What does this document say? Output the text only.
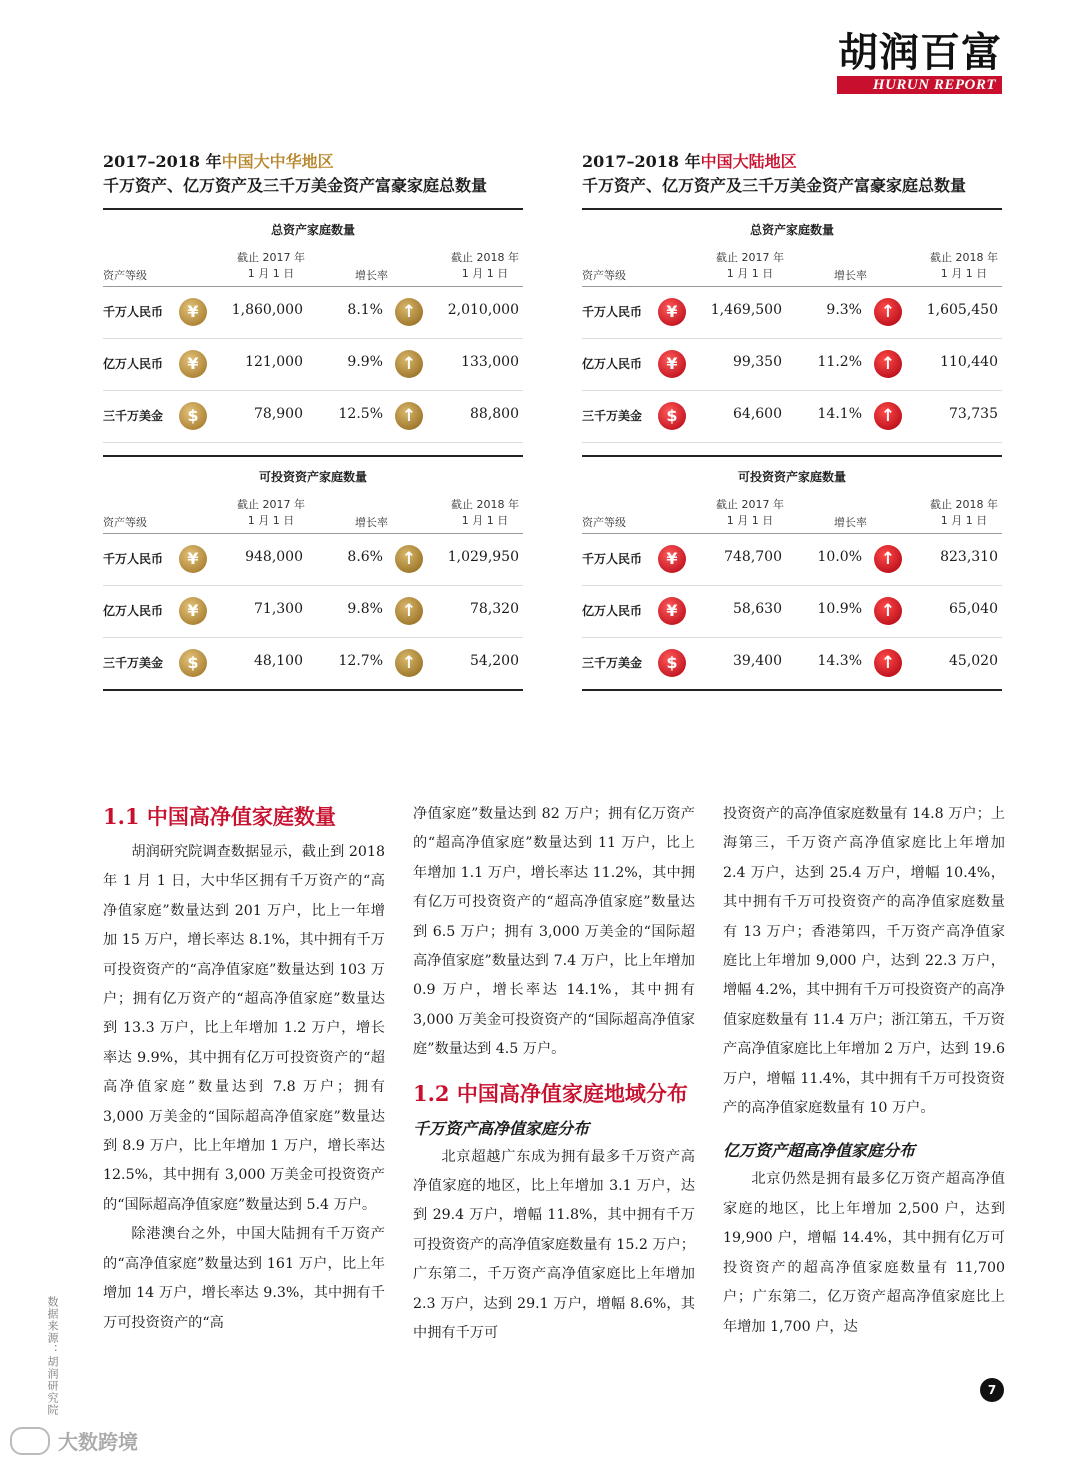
胡润百富
HURUN REPORT
2017–2018 年中国大中华地区
千万资产、亿万资产及三千万美金资产富豪家庭总数量
总资产家庭数量
资产等级
截止 2017 年
1 月 1 日	增长率
截止 2018 年
1 月 1 日
千万人民币	¥	1,860,000	8.1%	↑	2,010,000
亿万人民币	¥	121,000	9.9%	↑	133,000
三千万美金	$	78,900	12.5%	↑	88,800
可投资资产家庭数量
资产等级
截止 2017 年
1 月 1 日	增长率
截止 2018 年
1 月 1 日
千万人民币	¥	948,000	8.6%	↑	1,029,950
亿万人民币	¥	71,300	9.8%	↑	78,320
三千万美金	$	48,100	12.7%	↑	54,200
2017–2018 年中国大陆地区
千万资产、亿万资产及三千万美金资产富豪家庭总数量
总资产家庭数量
资产等级
截止 2017 年
1 月 1 日	增长率
截止 2018 年
1 月 1 日
千万人民币	¥	1,469,500	9.3%	↑	1,605,450
亿万人民币	¥	99,350	11.2%	↑	110,440
三千万美金	$	64,600	14.1%	↑	73,735
可投资资产家庭数量
资产等级
截止 2017 年
1 月 1 日	增长率
截止 2018 年
1 月 1 日
千万人民币	¥	748,700	10.0%	↑	823,310
亿万人民币	¥	58,630	10.9%	↑	65,040
三千万美金	$	39,400	14.3%	↑	45,020
1.1 中国高净值家庭数量

胡润研究院调查数据显示，截止到 2018 年 1 月 1 日，大中华区拥有千万资产的“高净值家庭”数量达到 201 万户，比上一年增加 15 万户，增长率达 8.1%，其中拥有千万可投资资产的“高净值家庭”数量达到 103 万户；拥有亿万资产的“超高净值家庭”数量达到 13.3 万户，比上年增加 1.2 万户，增长率达 9.9%，其中拥有亿万可投资资产的“超高净值家庭”数量达到 7.8 万户；拥有 3,000 万美金的“国际超高净值家庭”数量达到 8.9 万户，比上年增加 1 万户，增长率达 12.5%，其中拥有 3,000 万美金可投资资产的“国际超高净值家庭”数量达到 5.4 万户。

除港澳台之外，中国大陆拥有千万资产的“高净值家庭”数量达到 161 万户，比上年增加 14 万户，增长率达 9.3%，其中拥有千万可投资资产的“高

净值家庭”数量达到 82 万户；拥有亿万资产的“超高净值家庭”数量达到 11 万户，比上年增加 1.1 万户，增长率达 11.2%，其中拥有亿万可投资资产的“超高净值家庭”数量达到 6.5 万户；拥有 3,000 万美金的“国际超高净值家庭”数量达到 7.4 万户，比上年增加 0.9 万户，增长率达 14.1%，其中拥有 3,000 万美金可投资资产的“国际超高净值家庭”数量达到 4.5 万户。

1.2 中国高净值家庭地域分布
千万资产高净值家庭分布

北京超越广东成为拥有最多千万资产高净值家庭的地区，比上年增加 3.1 万户，达到 29.4 万户，增幅 11.8%，其中拥有千万可投资资产的高净值家庭数量有 15.2 万户；广东第二，千万资产高净值家庭比上年增加 2.3 万户，达到 29.1 万户，增幅 8.6%，其中拥有千万可

投资资产的高净值家庭数量有 14.8 万户；上海第三，千万资产高净值家庭比上年增加 2.4 万户，达到 25.4 万户，增幅 10.4%，其中拥有千万可投资资产的高净值家庭数量有 13 万户；香港第四，千万资产高净值家庭比上年增加 9,000 户，达到 22.3 万户，增幅 4.2%，其中拥有千万可投资资产的高净值家庭数量有 11.4 万户；浙江第五，千万资产高净值家庭比上年增加 2 万户，达到 19.6 万户，增幅 11.4%，其中拥有千万可投资资产的高净值家庭数量有 10 万户。

亿万资产超高净值家庭分布

北京仍然是拥有最多亿万资产超高净值家庭的地区，比上年增加 2,500 户，达到 19,900 户，增幅 14.4%，其中拥有亿万可投资资产的超高净值家庭数量有 11,700 户；广东第二，亿万资产超高净值家庭比上年增加 1,700 户，达

数据来源：胡润研究院	7
大数跨境
